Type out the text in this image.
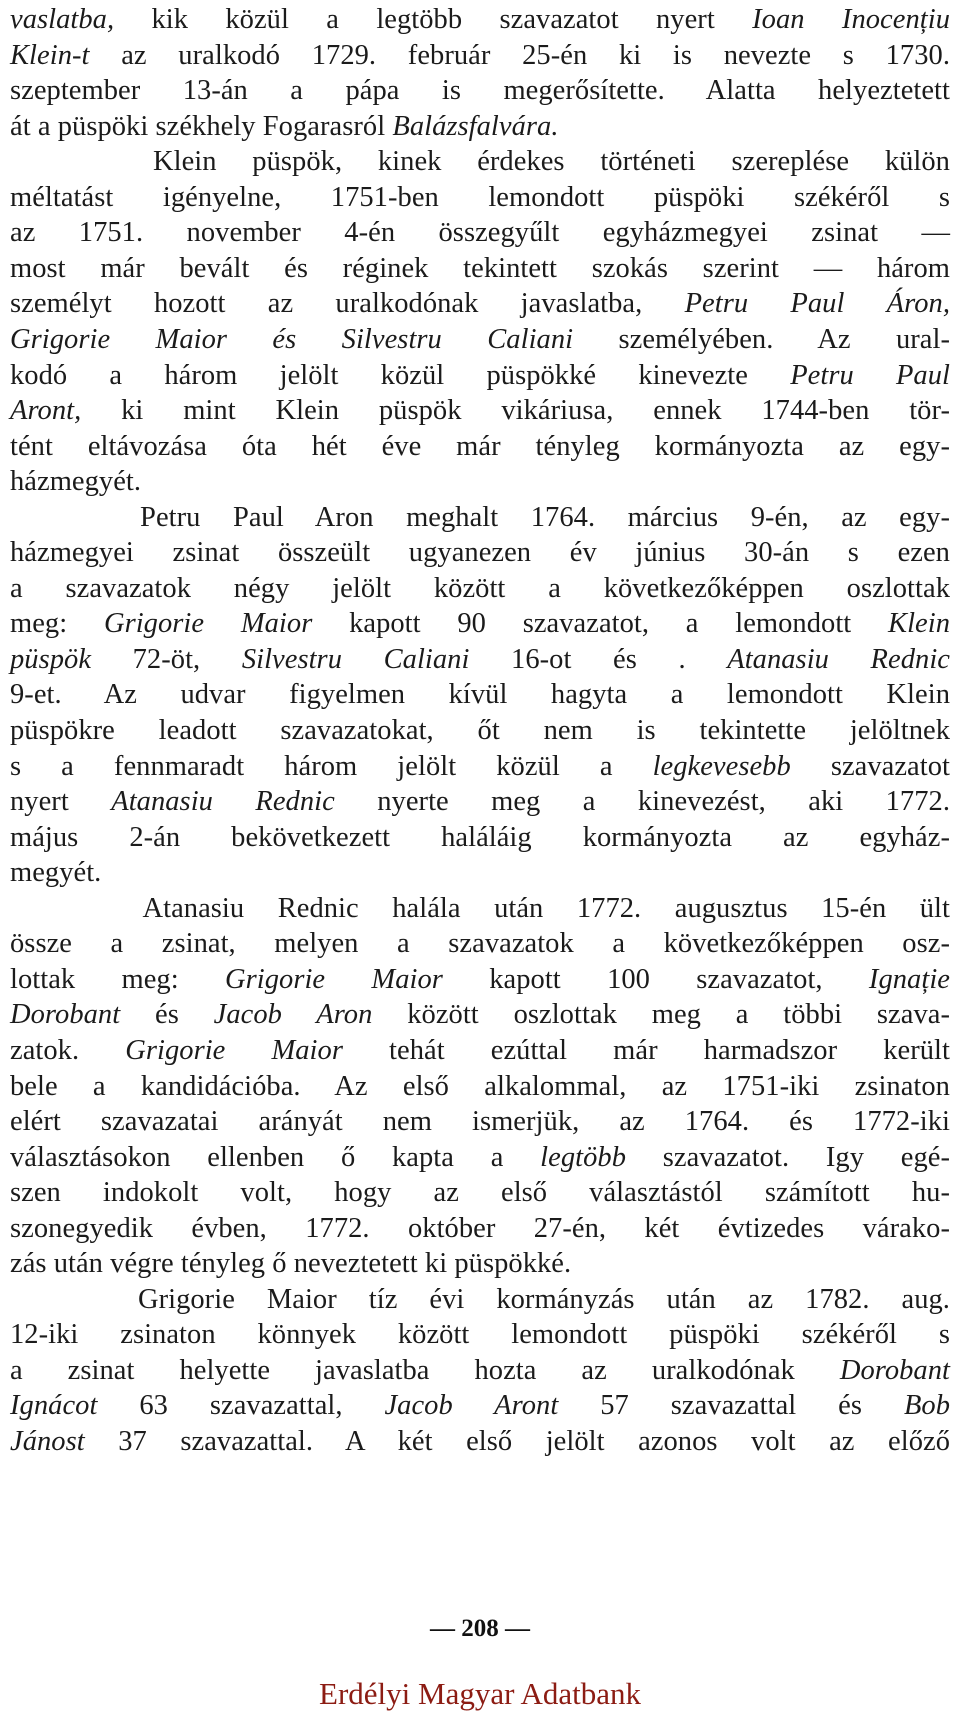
vaslatba, kik közül a legtöbb szavazatot nyert Ioan Inocențiu
Klein-t az uralkodó 1729. február 25-én ki is nevezte s 1730.
szeptember 13-án a pápa is megerősítette. Alatta helyeztetett
át a püspöki székhely Fogarasról Balázsfalvára.
Klein püspök, kinek érdekes történeti szereplése külön
méltatást igényelne, 1751-ben lemondott püspöki székéről s
az 1751. november 4-én összegyűlt egyházmegyei zsinat —
most már bevált és réginek tekintett szokás szerint — három
személyt hozott az uralkodónak javaslatba, Petru Paul Áron,
Grigorie Maior és Silvestru Caliani személyében. Az ural-
kodó a három jelölt közül püspökké kinevezte Petru Paul
Aront, ki mint Klein püspök vikáriusa, ennek 1744-ben tör-
tént eltávozása óta hét éve már tényleg kormányozta az egy-
házmegyét.
Petru Paul Aron meghalt 1764. március 9-én, az egy-
házmegyei zsinat összeült ugyanezen év június 30-án s ezen
a szavazatok négy jelölt között a következőképpen oszlottak
meg: Grigorie Maior kapott 90 szavazatot, a lemondott Klein
püspök 72-öt, Silvestru Caliani 16-ot és . Atanasiu Rednic
9-et. Az udvar figyelmen kívül hagyta a lemondott Klein
püspökre leadott szavazatokat, őt nem is tekintette jelöltnek
s a fennmaradt három jelölt közül a legkevesebb szavazatot
nyert Atanasiu Rednic nyerte meg a kinevezést, aki 1772.
május 2-án bekövetkezett haláláig kormányozta az egyház-
megyét.
Atanasiu Rednic halála után 1772. augusztus 15-én ült
össze a zsinat, melyen a szavazatok a következőképpen osz-
lottak meg: Grigorie Maior kapott 100 szavazatot, Ignație
Dorobant és Jacob Aron között oszlottak meg a többi szava-
zatok. Grigorie Maior tehát ezúttal már harmadszor került
bele a kandidációba. Az első alkalommal, az 1751-iki zsinaton
elért szavazatai arányát nem ismerjük, az 1764. és 1772-iki
választásokon ellenben ő kapta a legtöbb szavazatot. Igy egé-
szen indokolt volt, hogy az első választástól számított hu-
szonegyedik évben, 1772. október 27-én, két évtizedes várako-
zás után végre tényleg ő neveztetett ki püspökké.
Grigorie Maior tíz évi kormányzás után az 1782. aug.
12-iki zsinaton könnyek között lemondott püspöki székéről s
a zsinat helyette javaslatba hozta az uralkodónak Dorobant
Ignácot 63 szavazattal, Jacob Aront 57 szavazattal és Bob
Jánost 37 szavazattal. A két első jelölt azonos volt az előző
— 208 —
Erdélyi Magyar Adatbank
